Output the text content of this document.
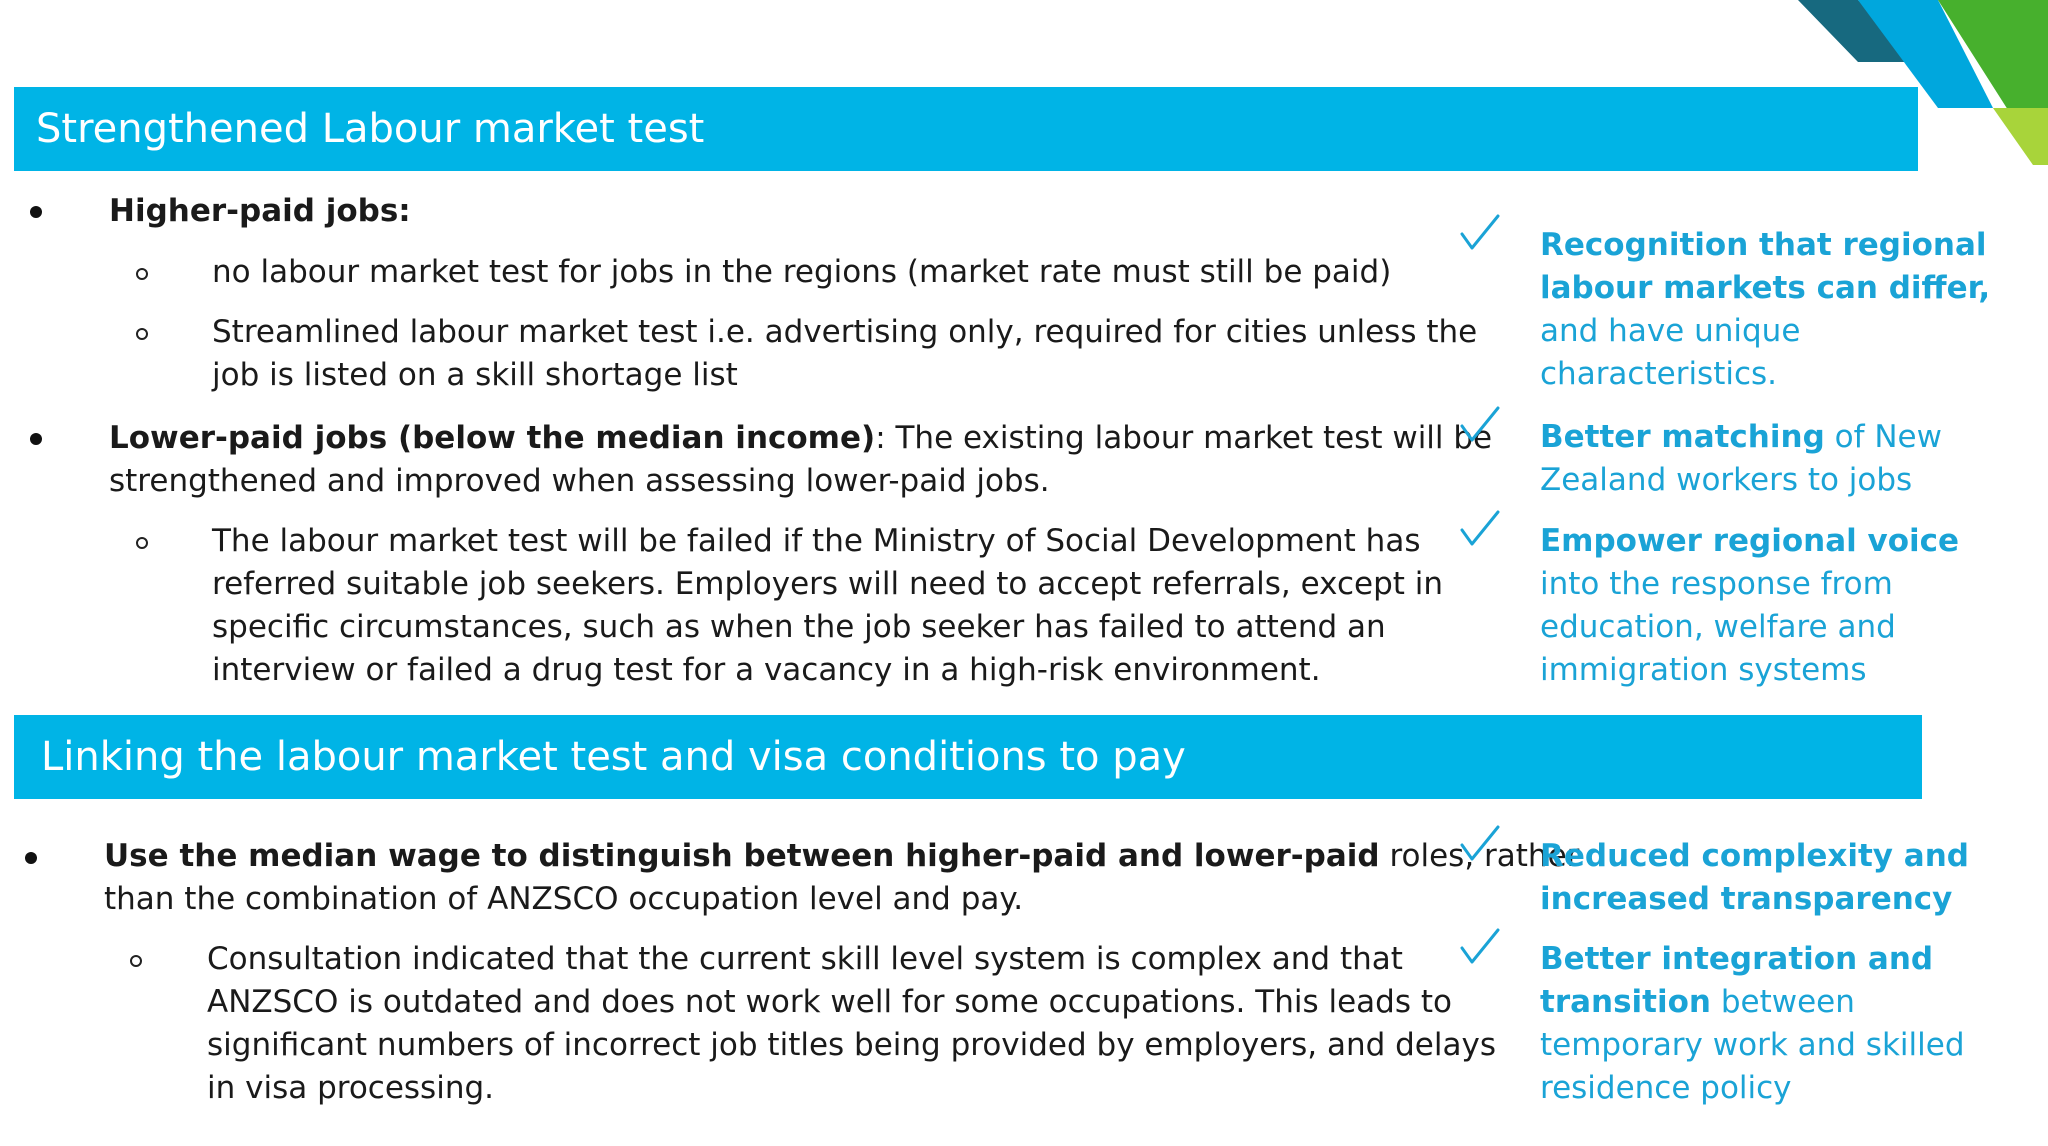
Strengthened Labour market test
Higher-paid jobs:
no labour market test for jobs in the regions (market rate must still be paid)
Streamlined labour market test i.e. advertising only, required for cities unless the
job is listed on a skill shortage list
Lower-paid jobs (below the median income): The existing labour market test will be
strengthened and improved when assessing lower-paid jobs.
The labour market test will be failed if the Ministry of Social Development has
referred suitable job seekers. Employers will need to accept referrals, except in
specific circumstances, such as when the job seeker has failed to attend an
interview or failed a drug test for a vacancy in a high-risk environment.
Recognition that regional
labour markets can differ,
and have unique
characteristics.
Better matching of New
Zealand workers to jobs
Empower regional voice
into the response from
education, welfare and
immigration systems
Linking the labour market test and visa conditions to pay
Use the median wage to distinguish between higher-paid and lower-paid roles, rather
than the combination of ANZSCO occupation level and pay.
Consultation indicated that the current skill level system is complex and that
ANZSCO is outdated and does not work well for some occupations. This leads to
significant numbers of incorrect job titles being provided by employers, and delays
in visa processing.
Reduced complexity and
increased transparency
Better integration and
transition between
temporary work and skilled
residence policy
